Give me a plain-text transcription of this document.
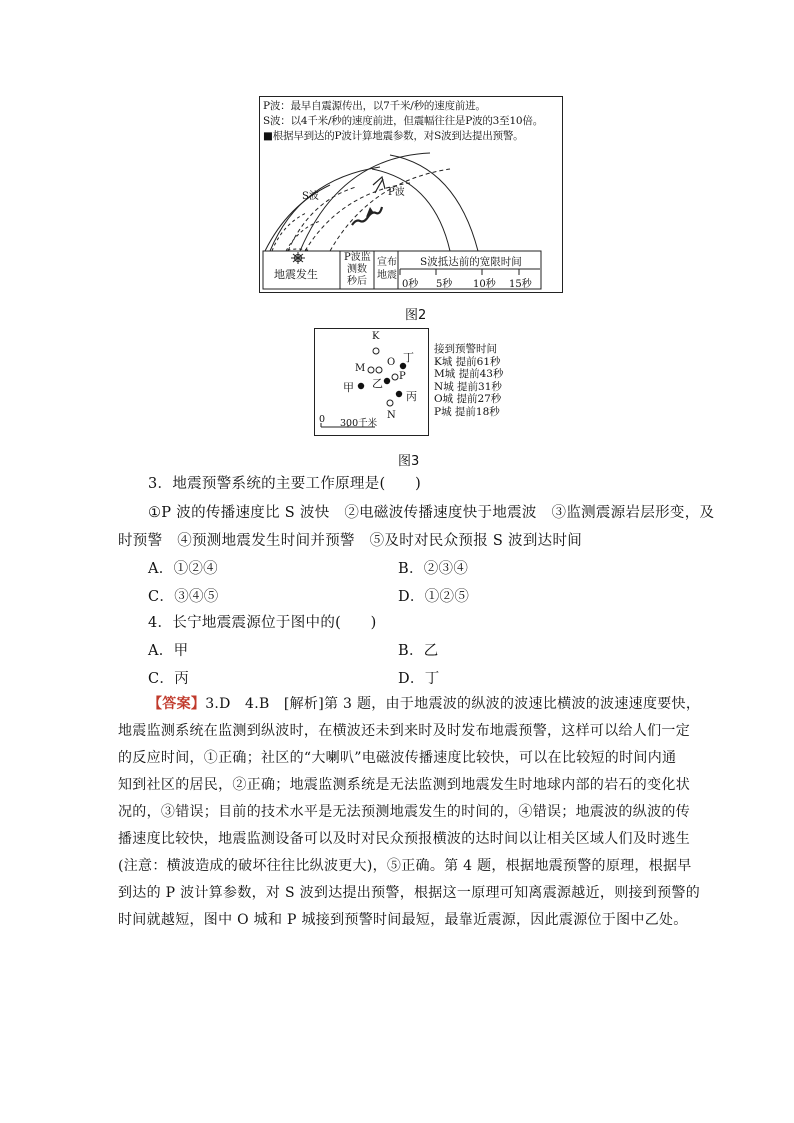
P波：最早自震源传出，以7千米/秒的速度前进。
S波：以4千米/秒的速度前进，但震幅往往是P波的3至10倍。
■根据早到达的P波计算地震参数，对S波到达提出预警。
S波	P波
地震发生
P波监
测数
秒后
宣布
地震
S波抵达前的宽限时间
0秒 5秒 10秒 15秒
图2
K
M
O
P
N
丁
乙
甲
丙
0 300千米
接到预警时间
K城 提前61秒
M城 提前43秒
N城 提前31秒
O城 提前27秒
P城 提前18秒
图3
3．地震预警系统的主要工作原理是(　　)
①P 波的传播速度比 S 波快　②电磁波传播速度快于地震波　③监测震源岩层形变，及
时预警　④预测地震发生时间并预警　⑤及时对民众预报 S 波到达时间
A．①②④	B．②③④
C．③④⑤	D．①②⑤
4．长宁地震震源位于图中的(　　)
A．甲	B．乙
C．丙	D．丁
【答案】3.D　4.B　[解析]第 3 题，由于地震波的纵波的波速比横波的波速速度要快，
地震监测系统在监测到纵波时，在横波还未到来时及时发布地震预警，这样可以给人们一定
的反应时间，①正确；社区的“大喇叭”电磁波传播速度比较快，可以在比较短的时间内通
知到社区的居民，②正确；地震监测系统是无法监测到地震发生时地球内部的岩石的变化状
况的，③错误；目前的技术水平是无法预测地震发生的时间的，④错误；地震波的纵波的传
播速度比较快，地震监测设备可以及时对民众预报横波的达时间以让相关区域人们及时逃生
(注意：横波造成的破坏往往比纵波更大)，⑤正确。第 4 题，根据地震预警的原理，根据早
到达的 P 波计算参数，对 S 波到达提出预警，根据这一原理可知离震源越近，则接到预警的
时间就越短，图中 O 城和 P 城接到预警时间最短，最靠近震源，因此震源位于图中乙处。
